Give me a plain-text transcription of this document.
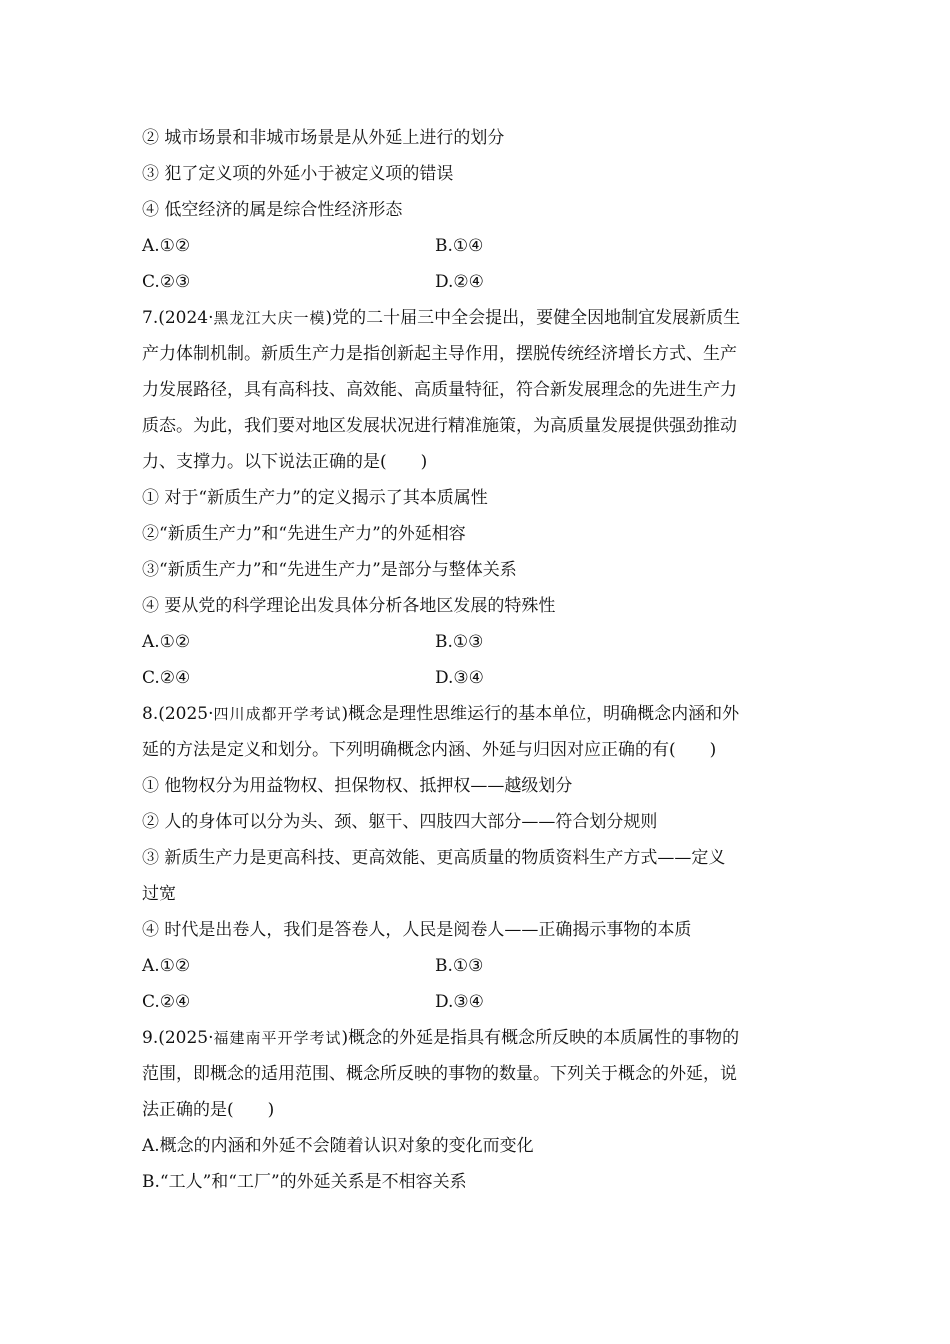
② 城市场景和非城市场景是从外延上进行的划分
③ 犯了定义项的外延小于被定义项的错误
④ 低空经济的属是综合性经济形态
A.①②	B.①④
C.②③	D.②④
7.(2024·黑龙江大庆一模)党的二十届三中全会提出，要健全因地制宜发展新质生
产力体制机制。新质生产力是指创新起主导作用，摆脱传统经济增长方式、生产
力发展路径，具有高科技、高效能、高质量特征，符合新发展理念的先进生产力
质态。为此，我们要对地区发展状况进行精准施策，为高质量发展提供强劲推动
力、支撑力。以下说法正确的是(　　)
① 对于“新质生产力”的定义揭示了其本质属性
②“新质生产力”和“先进生产力”的外延相容
③“新质生产力”和“先进生产力”是部分与整体关系
④ 要从党的科学理论出发具体分析各地区发展的特殊性
A.①②	B.①③
C.②④	D.③④
8.(2025·四川成都开学考试)概念是理性思维运行的基本单位，明确概念内涵和外
延的方法是定义和划分。下列明确概念内涵、外延与归因对应正确的有(　　)
① 他物权分为用益物权、担保物权、抵押权——越级划分
② 人的身体可以分为头、颈、躯干、四肢四大部分——符合划分规则
③ 新质生产力是更高科技、更高效能、更高质量的物质资料生产方式——定义
过宽
④ 时代是出卷人，我们是答卷人，人民是阅卷人——正确揭示事物的本质
A.①②	B.①③
C.②④	D.③④
9.(2025·福建南平开学考试)概念的外延是指具有概念所反映的本质属性的事物的
范围，即概念的适用范围、概念所反映的事物的数量。下列关于概念的外延，说
法正确的是(　　)
A.概念的内涵和外延不会随着认识对象的变化而变化
B.“工人”和“工厂”的外延关系是不相容关系
